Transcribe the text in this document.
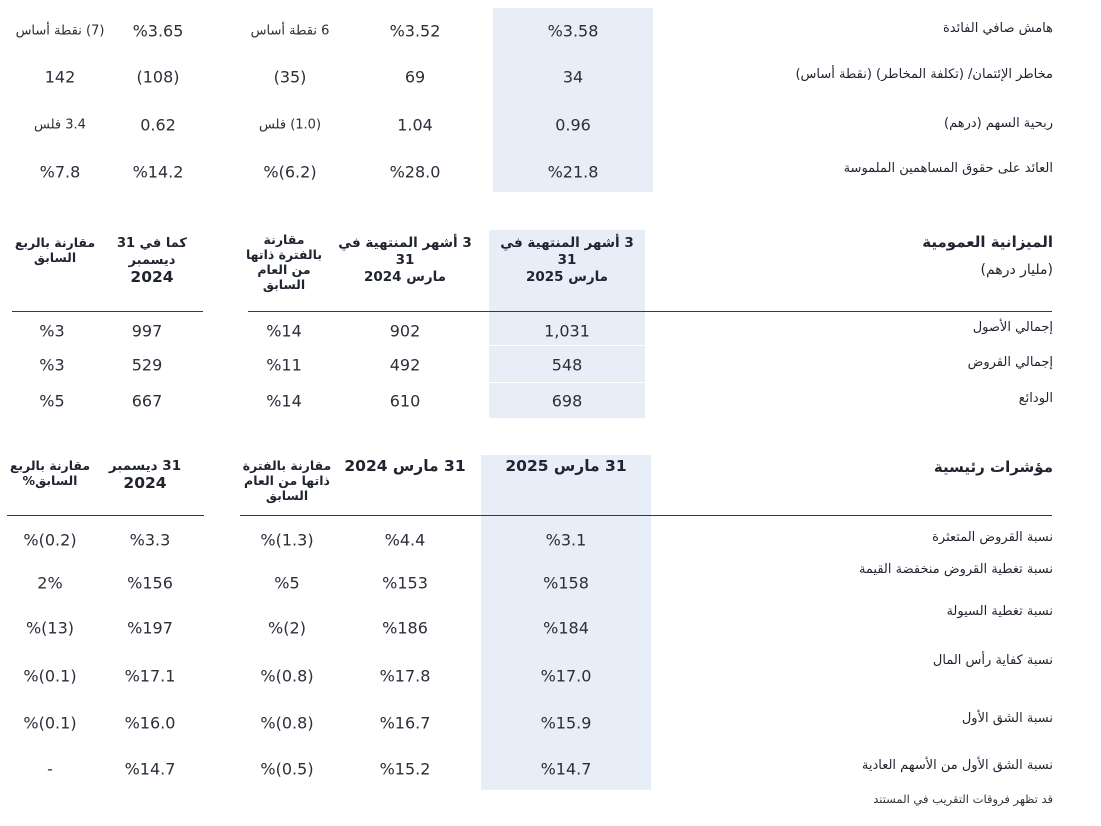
هامش صافي الفائدة
%3.58
%3.52
6 نقطة أساس
%3.65
(7) نقطة أساس
مخاطر الإئتمان/ (تكلفة المخاطر) (نقطة أساس)
34
69
(35)
(108)
142
ربحية السهم (درهم)
0.96
1.04
(1.0) فلس
0.62
3.4 فلس
العائد على حقوق المساهمين الملموسة
%21.8
%28.0
(6.2)%
%14.2
%7.8
الميزانية العمومية
(مليار درهم)
3 أشهر المنتهية في 31
مارس 2025
3 أشهر المنتهية في 31
مارس 2024
مقارنة
بالفترة ذاتها
من العام
السابق
كما في 31 ديسمبر
2024
مقارنة بالربع
السابق
إجمالي الأصول
1,031
902
%14
997
%3
إجمالي القروض
548
492
%11
529
%3
الودائع
698
610
%14
667
%5
مؤشرات رئيسية
31 مارس 2025
31 مارس 2024
مقارنة بالفترة
ذاتها من العام
السابق
31 ديسمبر
2024
مقارنة بالربع
السابق%
نسبة القروض المتعثرة
%3.1
%4.4
(1.3)%
%3.3
(0.2)%
نسبة تغطية القروض منخفضة القيمة
%158
%153
%5
%156
2%
نسبة تغطية السيولة
%184
%186
(2)%
%197
(13)%
نسبة كفاية رأس المال
%17.0
%17.8
(0.8)%
%17.1
(0.1)%
نسبة الشق الأول
%15.9
%16.7
(0.8)%
%16.0
(0.1)%
نسبة الشق الأول من الأسهم العادية
%14.7
%15.2
(0.5)%
%14.7
-
قد تظهر فروقات التقريب في المستند
